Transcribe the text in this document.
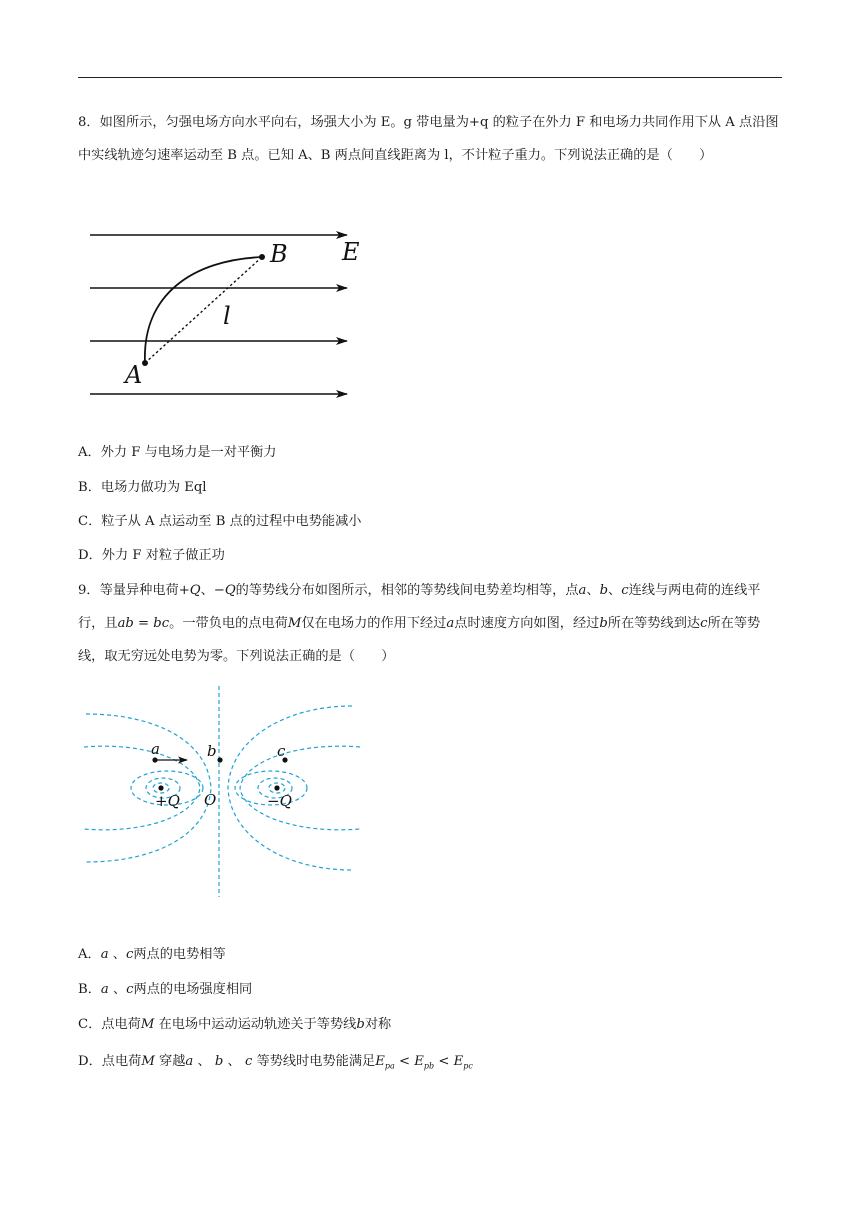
8．如图所示，匀强电场方向水平向右，场强大小为 E。g 带电量为+q 的粒子在外力 F 和电场力共同作用下从 A 点沿图中实线轨迹匀速率运动至 B 点。已知 A、B 两点间直线距离为 l，不计粒子重力。下列说法正确的是（　　）
E
B
l
A
A．外力 F 与电场力是一对平衡力
B．电场力做功为 Eql
C．粒子从 A 点运动至 B 点的过程中电势能减小
D．外力 F 对粒子做正功
9．等量异种电荷+Q、−Q的等势线分布如图所示，相邻的等势线间电势差均相等，点a、b、c连线与两电荷的连线平行，且ab = bc。一带负电的点电荷M仅在电场力的作用下经过a点时速度方向如图，经过b所在等势线到达c所在等势线，取无穷远处电势为零。下列说法正确的是（　　）
a	b	c
+Q O	−Q
A．a 、c两点的电势相等
B．a 、c两点的电场强度相同
C．点电荷M 在电场中运动运动轨迹关于等势线b对称
D．点电荷M 穿越a 、 b 、 c 等势线时电势能满足$E_{pa} < E_{pb} < E_{pc}$
